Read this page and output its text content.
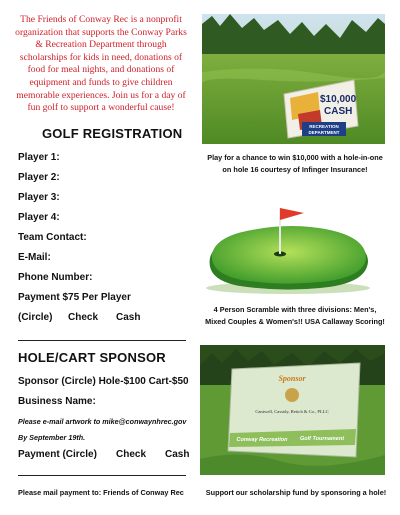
The Friends of Conway Rec is a nonprofit organization that supports the Conway Parks & Recreation Department through scholarships for kids in need, donations of food for meal nights, and donations of equipment and funds to give children memorable experiences. Join us for a day of fun golf to support a wonderful cause!
$10,000
CASH
RECREATION
DEPARTMENT
Play for a chance to win $10,000 with a hole-in-one
on hole 16 courtesy of Infinger Insurance!
4 Person Scramble with three divisions: Men's,
Mixed Couples & Women's!! USA Callaway Scoring!
Sponsor
Cantwell, Cassidy, Reitch & Co., PLLC
Conway Recreation Golf Tournament
Support our scholarship fund by sponsoring a hole!
GOLF REGISTRATION
Player 1:
Player 2:
Player 3:
Player 4:
Team Contact:
E-Mail:
Phone Number:
Payment $75 Per Player
(Circle) Check Cash
HOLE/CART SPONSOR
Sponsor (Circle) Hole-$100 Cart-$50
Business Name:
Please e-mail artwork to mike@conwaynhrec.gov
By September 19th.
Payment (Circle) Check Cash
Please mail payment to: Friends of Conway Rec
